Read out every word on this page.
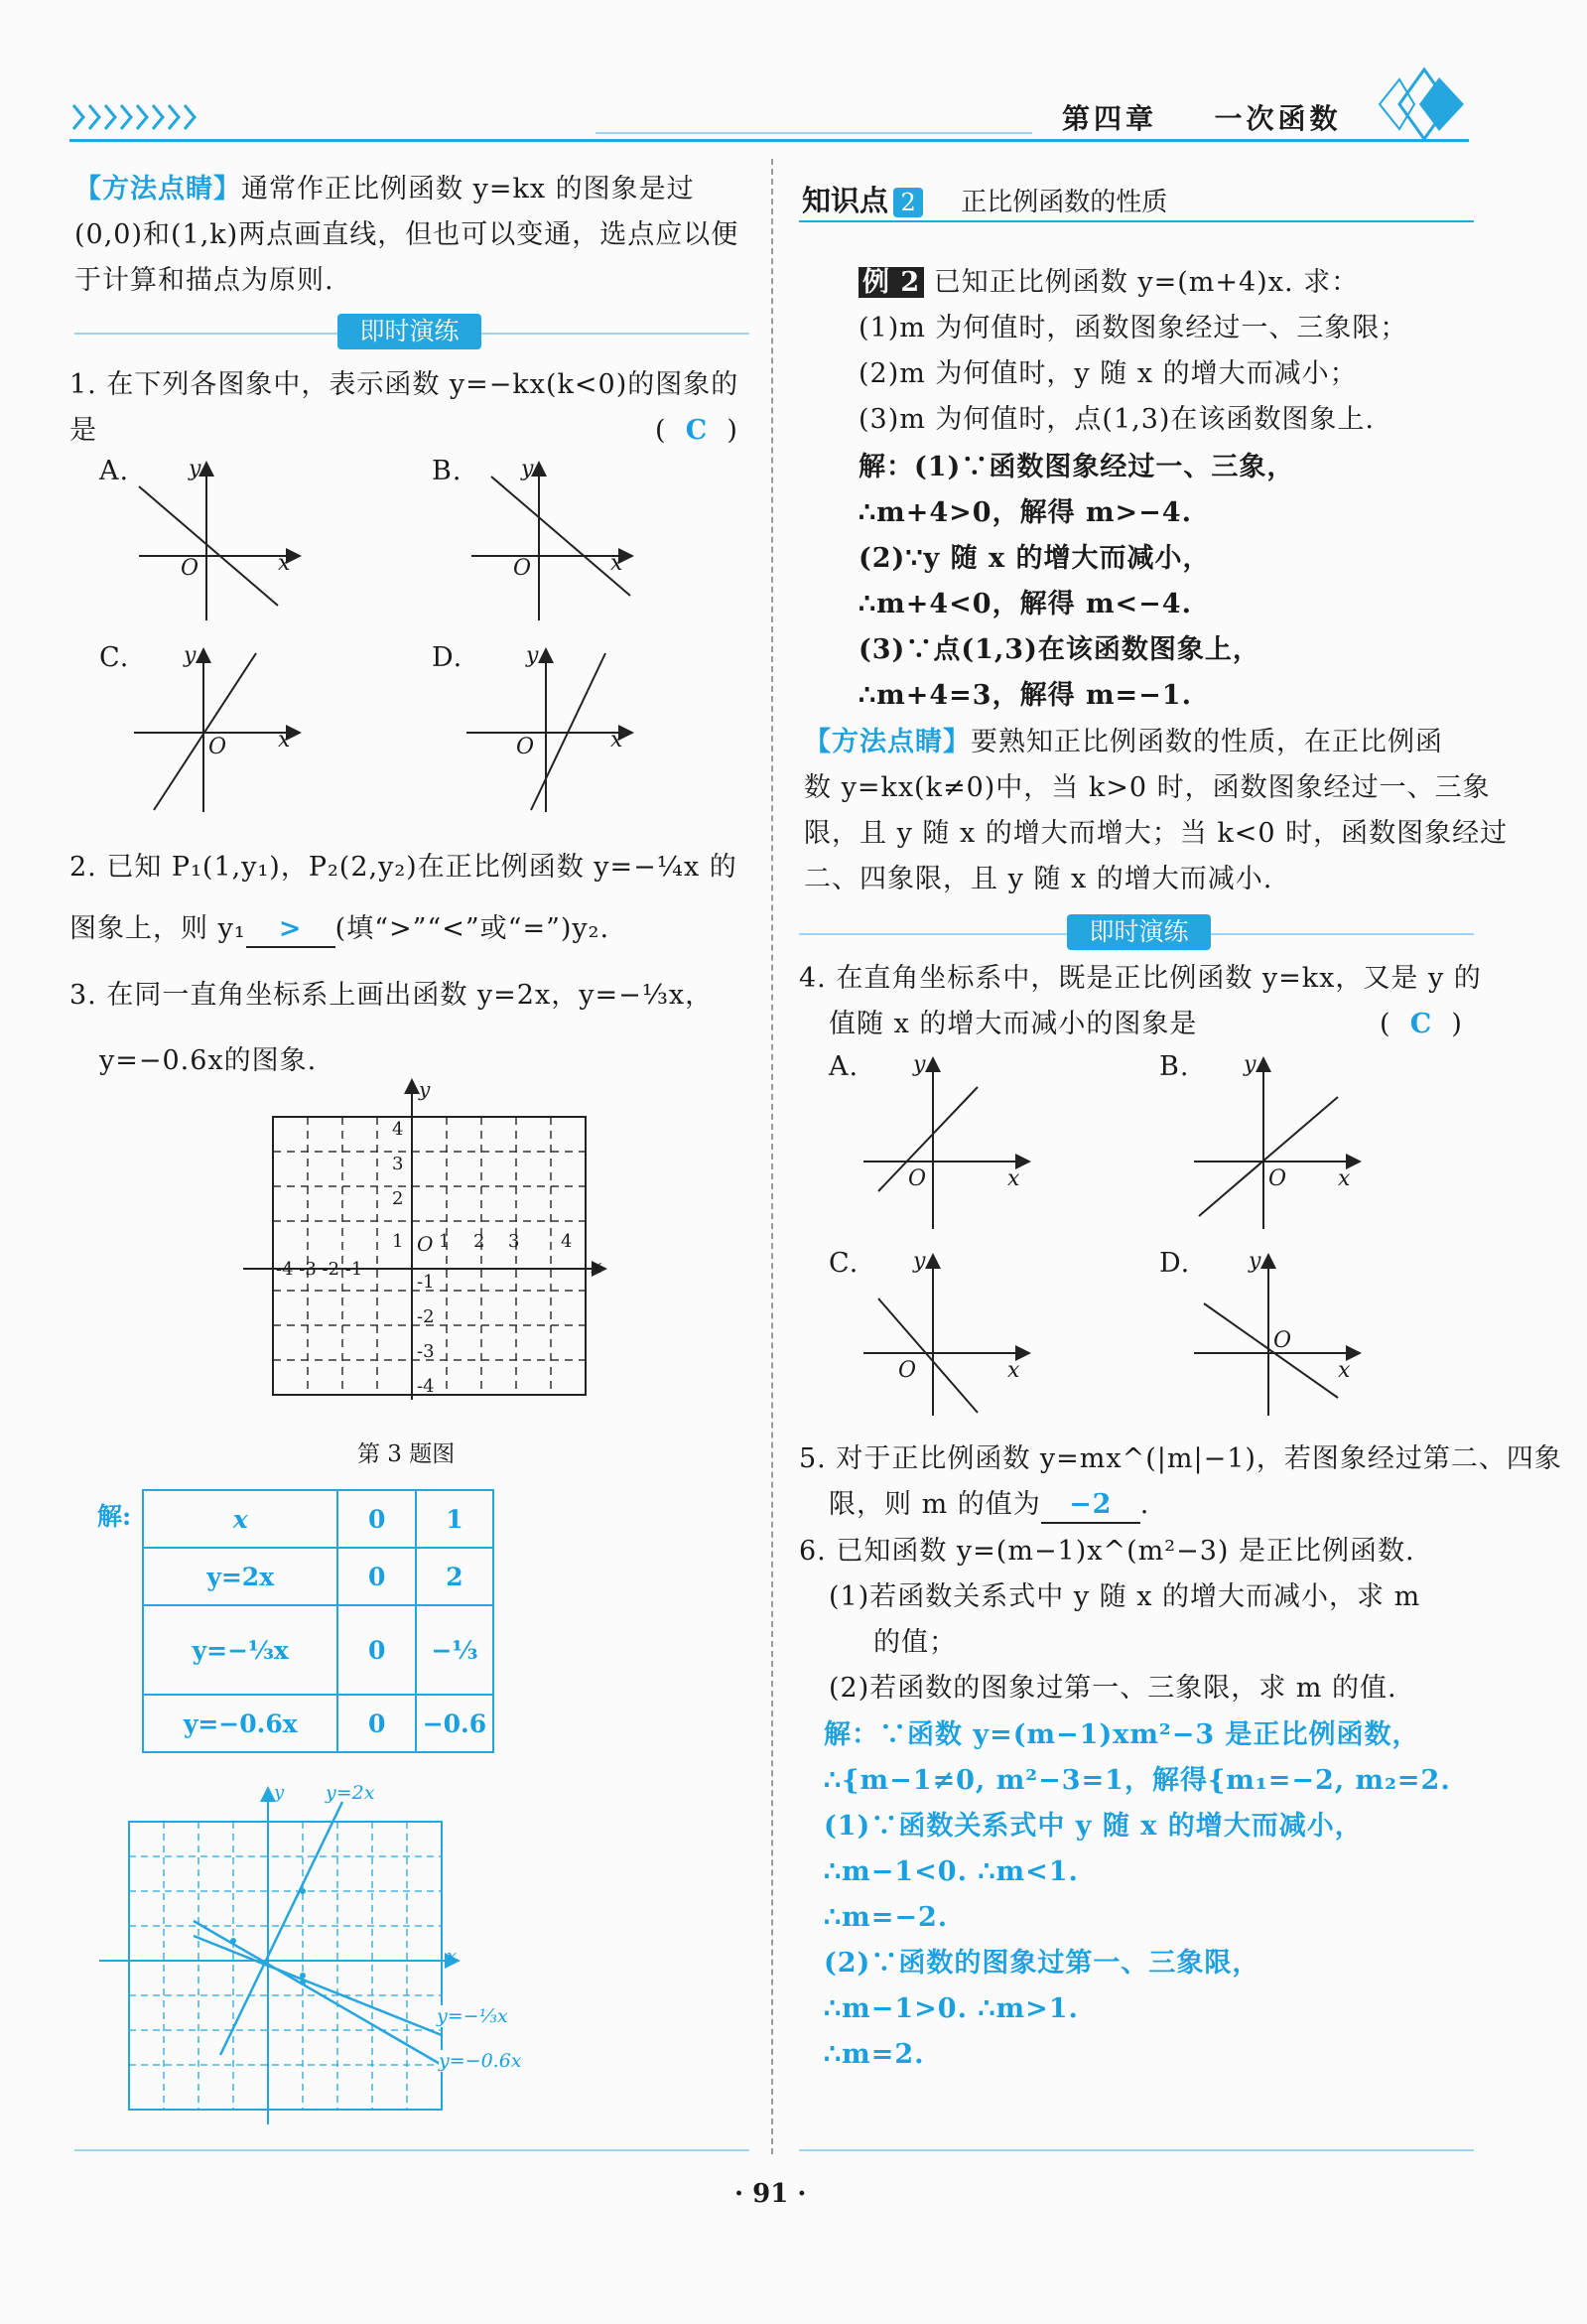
第四章 一次函数
【方法点睛】通常作正比例函数 y=kx 的图象是过
(0,0)和(1,k)两点画直线，但也可以变通，选点应以便
于计算和描点为原则.
即时演练
1. 在下列各图象中，表示函数 y=−kx(k<0)的图象的
是	(  C  )
A.	y
x
O
B.	y
x
O
C. y
x
O
D.	y
x
O
2. 已知 P₁(1,y₁)，P₂(2,y₂)在正比例函数 y=−¼x 的
图象上，则 y₁ > (填“>”“<”或“=”)y₂.
3. 在同一直角坐标系上画出函数 y=2x，y=−⅓x，
y=−0.6x的图象.
y
x
O
4
3
2
1 1 2 3 4
-4 -3 -2 -1
-1
-2
-3
-4
第 3 题图
解:	x	0	1
y=2x	0	2
y=−⅓x	0	−⅓
y=−0.6x	0	−0.6
y=2x
y=−⅓x
y=−0.6x
y
x
知识点 2 正比例函数的性质
例 2 已知正比例函数 y=(m+4)x. 求：
(1)m 为何值时，函数图象经过一、三象限；
(2)m 为何值时，y 随 x 的增大而减小；
(3)m 为何值时，点(1,3)在该函数图象上.
解：(1)∵函数图象经过一、三象，
∴m+4>0，解得 m>−4.
(2)∵y 随 x 的增大而减小，
∴m+4<0，解得 m<−4.
(3)∵点(1,3)在该函数图象上，
∴m+4=3，解得 m=−1.
【方法点睛】要熟知正比例函数的性质，在正比例函
数 y=kx(k≠0)中，当 k>0 时，函数图象经过一、三象
限，且 y 随 x 的增大而增大；当 k<0 时，函数图象经过
二、四象限，且 y 随 x 的增大而减小.
即时演练
4. 在直角坐标系中，既是正比例函数 y=kx，又是 y 的
值随 x 的增大而减小的图象是	(  C  )
A. y
x
O
B. y
x
O
C. y
x
O
D.	y
x
O
5. 对于正比例函数 y=mx^(|m|−1)，若图象经过第二、四象
限，则 m 的值为 −2 .
6. 已知函数 y=(m−1)x^(m²−3) 是正比例函数.
(1)若函数关系式中 y 随 x 的增大而减小，求 m
的值；
(2)若函数的图象过第一、三象限，求 m 的值.
解：∵函数 y=(m−1)xm²−3 是正比例函数，
∴{m−1≠0, m²−3=1，解得{m₁=−2, m₂=2.
(1)∵函数关系式中 y 随 x 的增大而减小，
∴m−1<0. ∴m<1.
∴m=−2.
(2)∵函数的图象过第一、三象限，
∴m−1>0. ∴m>1.
∴m=2.
· 91 ·
